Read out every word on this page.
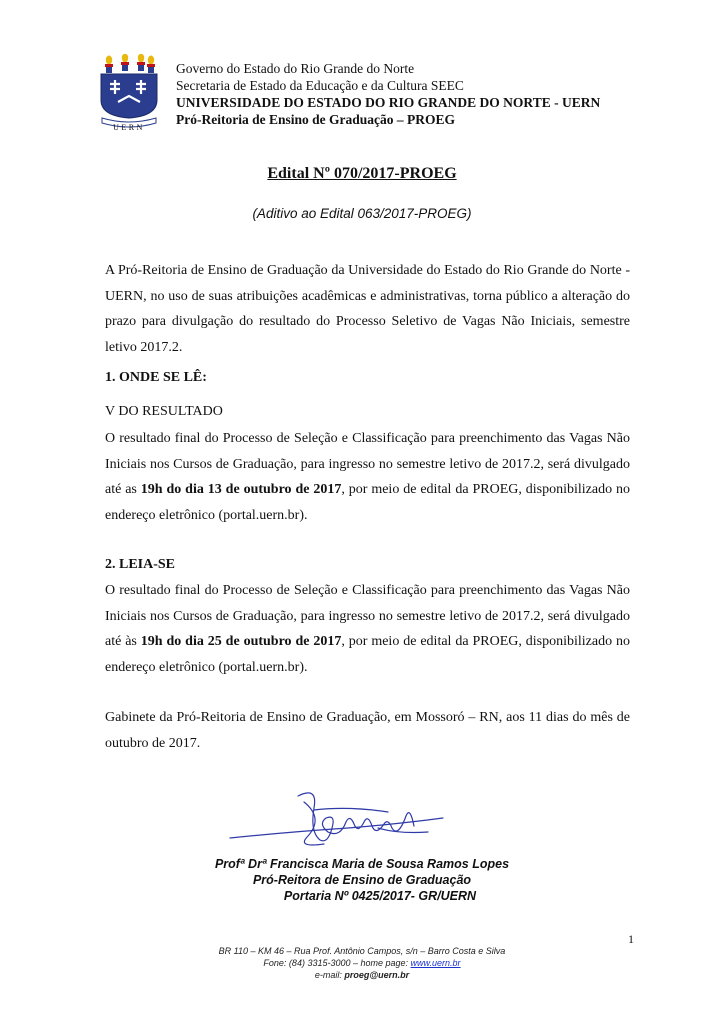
UERN
Governo do Estado do Rio Grande do Norte
Secretaria de Estado da Educação e da Cultura SEEC
UNIVERSIDADE DO ESTADO DO RIO GRANDE DO NORTE - UERN
Pró-Reitoria de Ensino de Graduação – PROEG
Edital Nº 070/2017-PROEG
(Aditivo ao Edital 063/2017-PROEG)
A Pró-Reitoria de Ensino de Graduação da Universidade do Estado do Rio Grande do Norte - UERN, no uso de suas atribuições acadêmicas e administrativas, torna público a alteração do prazo para divulgação do resultado do Processo Seletivo de Vagas Não Iniciais, semestre letivo 2017.2.
1. ONDE SE LÊ:
V DO RESULTADO
O resultado final do Processo de Seleção e Classificação para preenchimento das Vagas Não Iniciais nos Cursos de Graduação, para ingresso no semestre letivo de 2017.2, será divulgado até as 19h do dia 13 de outubro de 2017, por meio de edital da PROEG, disponibilizado no endereço eletrônico (portal.uern.br).
2. LEIA-SE
O resultado final do Processo de Seleção e Classificação para preenchimento das Vagas Não Iniciais nos Cursos de Graduação, para ingresso no semestre letivo de 2017.2, será divulgado até às 19h do dia 25 de outubro de 2017, por meio de edital da PROEG, disponibilizado no endereço eletrônico (portal.uern.br).
Gabinete da Pró-Reitoria de Ensino de Graduação, em Mossoró – RN, aos 11 dias do mês de outubro de 2017.
Profª Drª Francisca Maria de Sousa Ramos Lopes
Pró-Reitora de Ensino de Graduação
Portaria Nº 0425/2017- GR/UERN
1
BR 110 – KM 46 – Rua Prof. Antônio Campos, s/n – Barro Costa e Silva
Fone: (84) 3315-3000 – home page: www.uern.br
e-mail: proeg@uern.br
